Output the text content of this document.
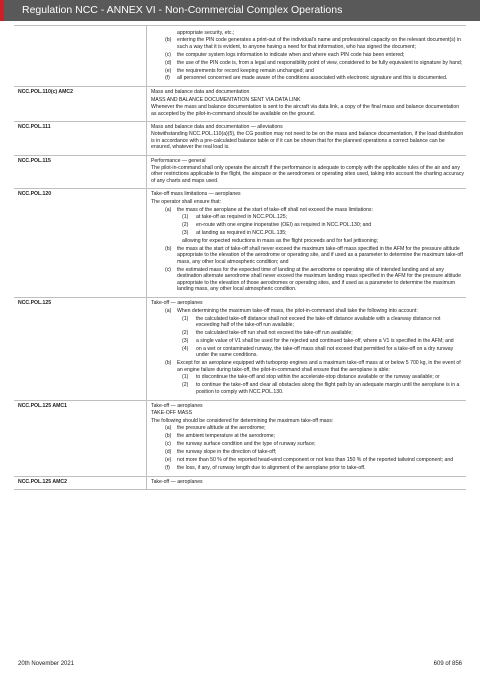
Regulation NCC - ANNEX VI - Non-Commercial Complex Operations
appropriate security, etc.;
(b)	entering the PIN code generates a print-out of the individual’s name and professional capacity on the relevant document(s) in such a way that it is evident, to anyone having a need for that information, who has signed the document;
(c)	the computer system logs information to indicate when and where each PIN code has been entered;
(d)	the use of the PIN code is, from a legal and responsibility point of view, considered to be fully equivalent to signature by hand;
(e)	the requirements for record keeping remain unchanged; and
(f)	all personnel concerned are made aware of the conditions associated with electronic signature and this is documented.
NCC.POL.110(c) AMC2	Mass and balance data and documentation
MASS AND BALANCE DOCUMENTATION SENT VIA DATA LINK
Whenever the mass and balance documentation is sent to the aircraft via data link, a copy of the final mass and balance documentation as accepted by the pilot-in-command should be available on the ground.
NCC.POL.111	Mass and balance data and documentation — alleviations
Notwithstanding NCC.POL.110(a)(5), the CG position may not need to be on the mass and balance documentation, if the load distribution is in accordance with a pre-calculated balance table or if it can be shown that for the planned operations a correct balance can be ensured, whatever the real load is.
NCC.POL.115	Performance — general
The pilot-in-command shall only operate the aircraft if the performance is adequate to comply with the applicable rules of the air and any other restrictions applicable to the flight, the airspace or the aerodromes or operating sites used, taking into account the charting accuracy of any charts and maps used.
NCC.POL.120	Take-off mass limitations — aeroplanes
The operator shall ensure that:
(a)	the mass of the aeroplane at the start of take-off shall not exceed the mass limitations:
(1)	at take-off as required in NCC.POL.125;
(2)	en-route with one engine inoperative (OEI) as required in NCC.POL.130; and
(3)	at landing as required in NCC.POL.135;
allowing for expected reductions in mass as the flight proceeds and for fuel jettisoning;
(b)	the mass at the start of take-off shall never exceed the maximum take-off mass specified in the AFM for the pressure altitude appropriate to the elevation of the aerodrome or operating site, and if used as a parameter to determine the maximum take-off mass, any other local atmospheric condition; and
(c)	the estimated mass for the expected time of landing at the aerodrome or operating site of intended landing and at any destination alternate aerodrome shall never exceed the maximum landing mass specified in the AFM for the pressure altitude appropriate to the elevation of those aerodromes or operating sites, and if used as a parameter to determine the maximum landing mass, any other local atmospheric condition.
NCC.POL.125	Take-off — aeroplanes
(a)	When determining the maximum take-off mass, the pilot-in-command shall take the following into account:
(1)	the calculated take-off distance shall not exceed the take-off distance available with a clearway distance not exceeding half of the take-off run available;
(2)	the calculated take-off run shall not exceed the take-off run available;
(3)	a single value of V1 shall be used for the rejected and continued take-off, where a V1 is specified in the AFM; and
(4)	on a wet or contaminated runway, the take-off mass shall not exceed that permitted for a take-off on a dry runway under the same conditions.
(b)	Except for an aeroplane equipped with turboprop engines and a maximum take-off mass at or below 5 700 kg, in the event of an engine failure during take-off, the pilot-in-command shall ensure that the aeroplane is able:
(1)	to discontinue the take-off and stop within the accelerate-stop distance available or the runway available; or
(2)	to continue the take-off and clear all obstacles along the flight path by an adequate margin until the aeroplane is in a position to comply with NCC.POL.130.
NCC.POL.125 AMC1	Take-off — aeroplanes
TAKE-OFF MASS
The following should be considered for determining the maximum take-off mass:
(a)	the pressure altitude at the aerodrome;
(b)	the ambient temperature at the aerodrome;
(c)	the runway surface condition and the type of runway surface;
(d)	the runway slope in the direction of take-off;
(e)	not more than 50 % of the reported head-wind component or not less than 150 % of the reported tailwind component; and
(f)	the loss, if any, of runway length due to alignment of the aeroplane prior to take-off.
NCC.POL.125 AMC2	Take-off — aeroplanes
20th November 2021	609 of 856
